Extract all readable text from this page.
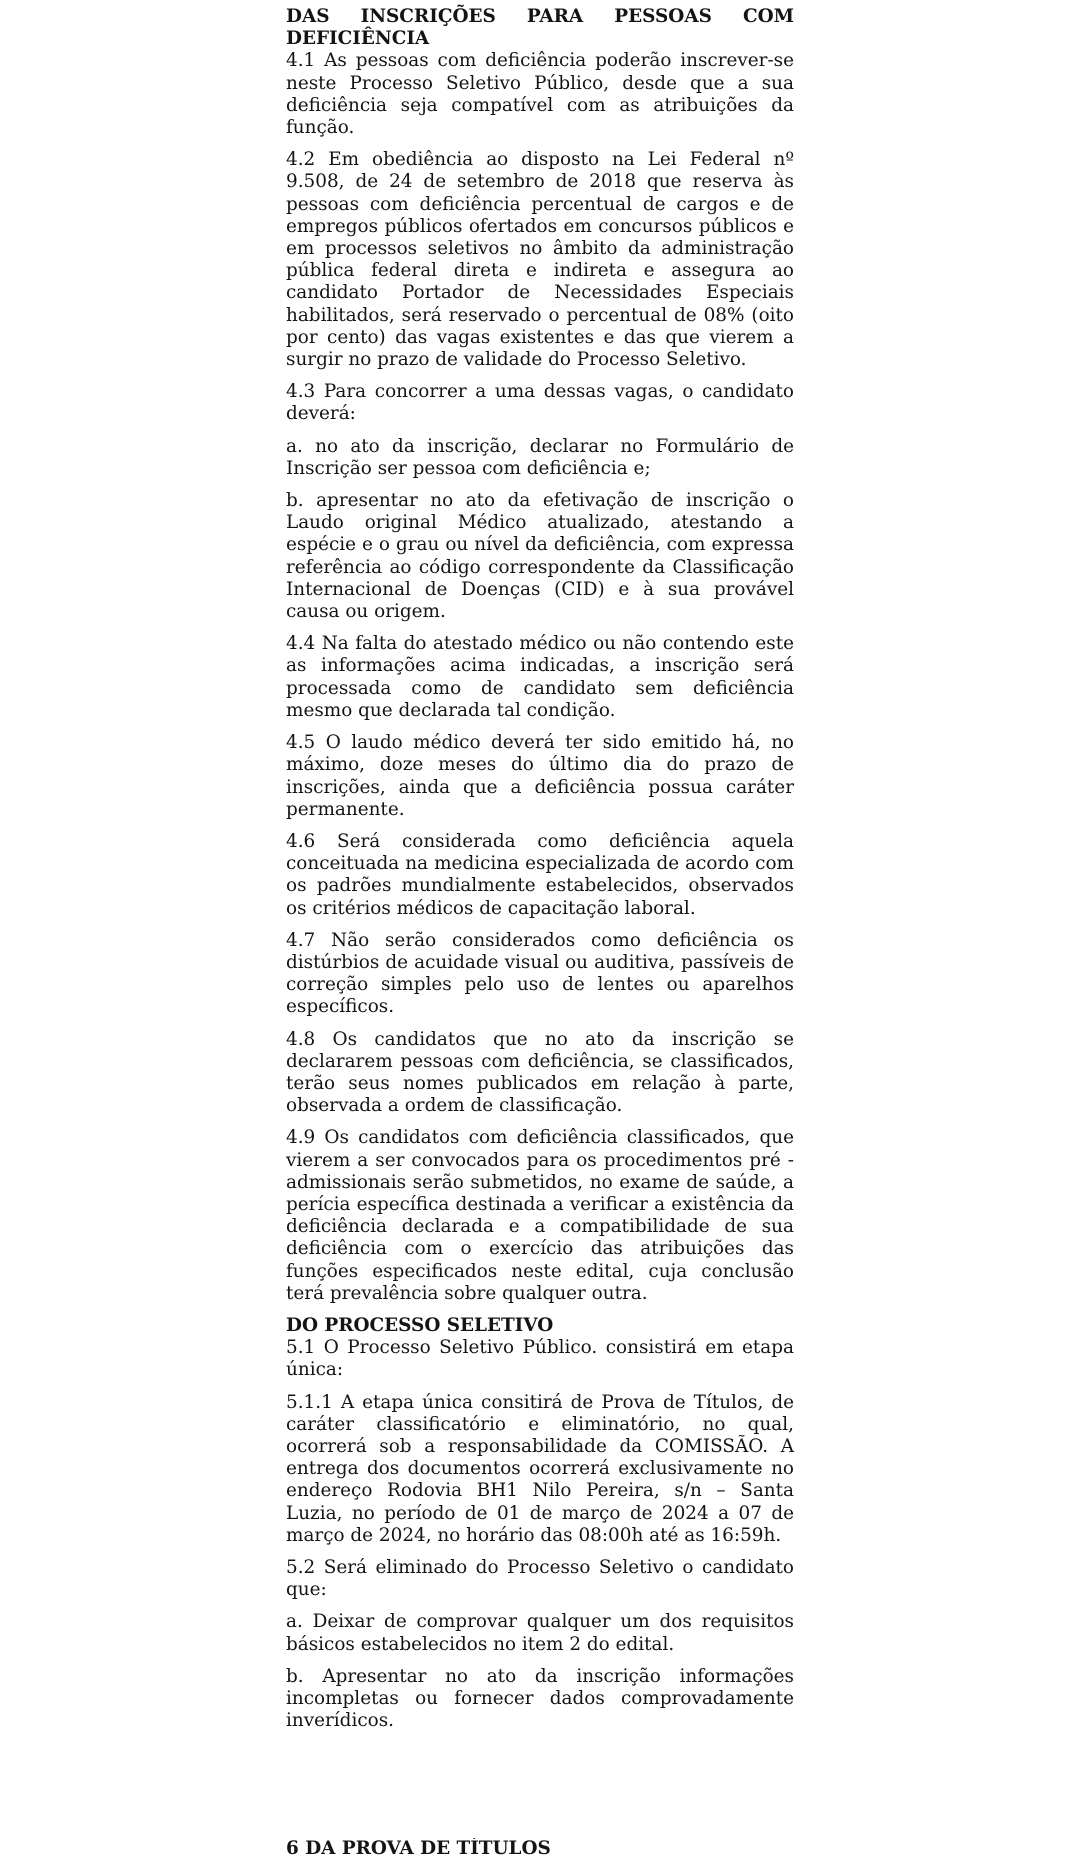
DAS INSCRIÇÕES PARA PESSOAS COM DEFICIÊNCIA

4.1 As pessoas com deficiência poderão inscrever-se neste Processo Seletivo Público, desde que a sua deficiência seja compatível com as atribuições da função.

4.2 Em obediência ao disposto na Lei Federal nº 9.508, de 24 de setembro de 2018 que reserva às pessoas com deficiência percentual de cargos e de empregos públicos ofertados em concursos públicos e em processos seletivos no âmbito da administração pública federal direta e indireta e assegura ao candidato Portador de Necessidades Especiais habilitados, será reservado o percentual de 08% (oito por cento) das vagas existentes e das que vierem a surgir no prazo de validade do Processo Seletivo.

4.3 Para concorrer a uma dessas vagas, o candidato deverá:

a. no ato da inscrição, declarar no Formulário de Inscrição ser pessoa com deficiência e;

b. apresentar no ato da efetivação de inscrição o Laudo original Médico atualizado, atestando a espécie e o grau ou nível da deficiência, com expressa referência ao código correspondente da Classificação Internacional de Doenças (CID) e à sua provável causa ou origem.

4.4 Na falta do atestado médico ou não contendo este as informações acima indicadas, a inscrição será processada como de candidato sem deficiência mesmo que declarada tal condição.

4.5 O laudo médico deverá ter sido emitido há, no máximo, doze meses do último dia do prazo de inscrições, ainda que a deficiência possua caráter permanente.

4.6 Será considerada como deficiência aquela conceituada na medicina especializada de acordo com os padrões mundialmente estabelecidos, observados os critérios médicos de capacitação laboral.

4.7 Não serão considerados como deficiência os distúrbios de acuidade visual ou auditiva, passíveis de correção simples pelo uso de lentes ou aparelhos específicos.

4.8 Os candidatos que no ato da inscrição se declararem pessoas com deficiência, se classificados, terão seus nomes publicados em relação à parte, observada a ordem de classificação.

4.9 Os candidatos com deficiência classificados, que vierem a ser convocados para os procedimentos pré - admissionais serão submetidos, no exame de saúde, a perícia específica destinada a verificar a existência da deficiência declarada e a compatibilidade de sua deficiência com o exercício das atribuições das funções especificados neste edital, cuja conclusão terá prevalência sobre qualquer outra.

DO PROCESSO SELETIVO

5.1 O Processo Seletivo Público. consistirá em etapa única:

5.1.1 A etapa única consitirá de Prova de Títulos, de caráter classificatório e eliminatório, no qual, ocorrerá sob a responsabilidade da COMISSÃO. A entrega dos documentos ocorrerá exclusivamente no endereço Rodovia BH1 Nilo Pereira, s/n – Santa Luzia, no período de 01 de março de 2024 a 07 de março de 2024, no horário das 08:00h até as 16:59h.

5.2 Será eliminado do Processo Seletivo o candidato que:

a. Deixar de comprovar qualquer um dos requisitos básicos estabelecidos no item 2 do edital.

b. Apresentar no ato da inscrição informações incompletas ou fornecer dados comprovadamente inverídicos.

6 DA PROVA DE TÍTULOS
